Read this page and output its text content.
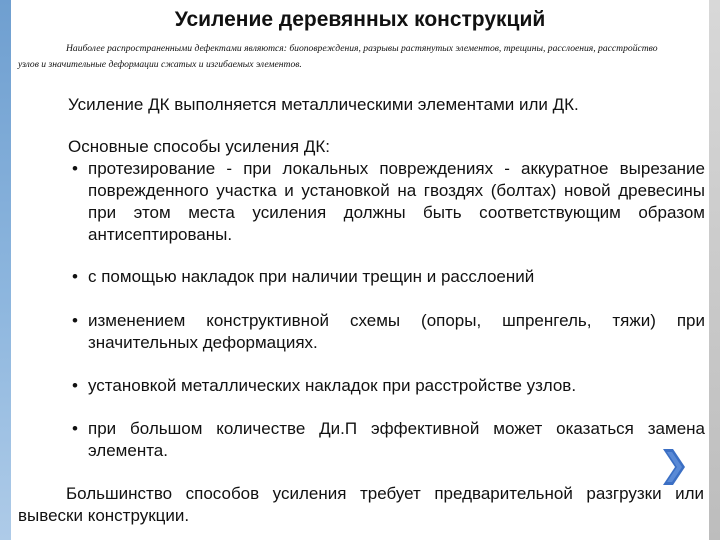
Усиление деревянных конструкций
Наиболее распространенными дефектами являются: биоповреждения, разрывы растянутых элементов, трещины, расслоения, расстройство
узлов и значительные деформации сжатых и изгибаемых элементов.
Усиление ДК выполняется металлическими элементами или ДК.
Основные способы усиления ДК:
• протезирование - при локальных повреждениях - аккуратное вырезание поврежденного участка и установкой на гвоздях (болтах) новой древесины при этом места усиления должны быть соответствующим образом антисептированы.
• с помощью накладок при наличии трещин и расслоений
• изменением конструктивной схемы (опоры, шпренгель, тяжи) при значительных деформациях.
• установкой металлических накладок при расстройстве узлов.
• при большом количестве Ди.П эффективной может оказаться замена элемента.
Большинство способов усиления требует предварительной разгрузки или вывески конструкции.
